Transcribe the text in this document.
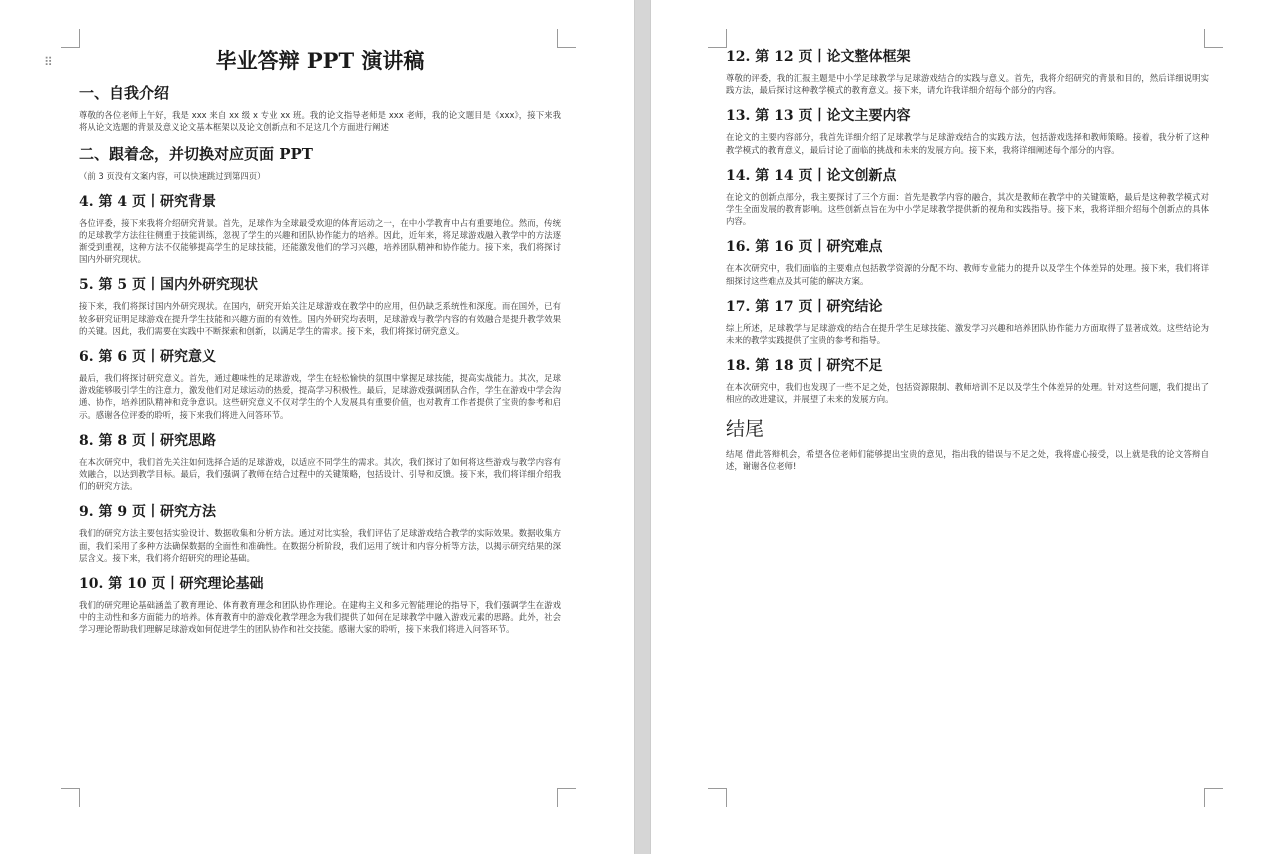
⠿	毕业答辩 PPT 演讲稿
一、自我介绍
尊敬的各位老师上午好，我是 xxx 来自 xx 级 x 专业 xx 班。我的论文指导老师是 xxx 老师，我的论文题目是《xxx》，接下来我将从论文选题的背景及意义论文基本框架以及论文创新点和不足这几个方面进行阐述
二、跟着念，并切换对应页面 PPT
（前 3 页没有文案内容，可以快速跳过到第四页）
4. 第 4 页丨研究背景
各位评委，接下来我将介绍研究背景。首先，足球作为全球最受欢迎的体育运动之一，在中小学教育中占有重要地位。然而，传统的足球教学方法往往侧重于技能训练，忽视了学生的兴趣和团队协作能力的培养。因此，近年来，将足球游戏融入教学中的方法逐渐受到重视，这种方法不仅能够提高学生的足球技能，还能激发他们的学习兴趣，培养团队精神和协作能力。接下来，我们将探讨国内外研究现状。
5. 第 5 页丨国内外研究现状
接下来，我们将探讨国内外研究现状。在国内，研究开始关注足球游戏在教学中的应用，但仍缺乏系统性和深度。而在国外，已有较多研究证明足球游戏在提升学生技能和兴趣方面的有效性。国内外研究均表明，足球游戏与教学内容的有效融合是提升教学效果的关键。因此，我们需要在实践中不断探索和创新，以满足学生的需求。接下来，我们将探讨研究意义。
6. 第 6 页丨研究意义
最后，我们将探讨研究意义。首先，通过趣味性的足球游戏，学生在轻松愉快的氛围中掌握足球技能，提高实战能力。其次，足球游戏能够吸引学生的注意力，激发他们对足球运动的热爱，提高学习积极性。最后，足球游戏强调团队合作，学生在游戏中学会沟通、协作，培养团队精神和竞争意识。这些研究意义不仅对学生的个人发展具有重要价值，也对教育工作者提供了宝贵的参考和启示。感谢各位评委的聆听，接下来我们将进入问答环节。
8. 第 8 页丨研究思路
在本次研究中，我们首先关注如何选择合适的足球游戏，以适应不同学生的需求。其次，我们探讨了如何将这些游戏与教学内容有效融合，以达到教学目标。最后，我们强调了教师在结合过程中的关键策略，包括设计、引导和反馈。接下来，我们将详细介绍我们的研究方法。
9. 第 9 页丨研究方法
我们的研究方法主要包括实验设计、数据收集和分析方法。通过对比实验，我们评估了足球游戏结合教学的实际效果。数据收集方面，我们采用了多种方法确保数据的全面性和准确性。在数据分析阶段，我们运用了统计和内容分析等方法，以揭示研究结果的深层含义。接下来，我们将介绍研究的理论基础。
10. 第 10 页丨研究理论基础
我们的研究理论基础涵盖了教育理论、体育教育理念和团队协作理论。在建构主义和多元智能理论的指导下，我们强调学生在游戏中的主动性和多方面能力的培养。体育教育中的游戏化教学理念为我们提供了如何在足球教学中融入游戏元素的思路。此外，社会学习理论帮助我们理解足球游戏如何促进学生的团队协作和社交技能。感谢大家的聆听，接下来我们将进入问答环节。
12. 第 12 页丨论文整体框架
尊敬的评委，我的汇报主题是中小学足球教学与足球游戏结合的实践与意义。首先，我将介绍研究的背景和目的，然后详细说明实践方法，最后探讨这种教学模式的教育意义。接下来，请允许我详细介绍每个部分的内容。
13. 第 13 页丨论文主要内容
在论文的主要内容部分，我首先详细介绍了足球教学与足球游戏结合的实践方法，包括游戏选择和教师策略。接着，我分析了这种教学模式的教育意义，最后讨论了面临的挑战和未来的发展方向。接下来，我将详细阐述每个部分的内容。
14. 第 14 页丨论文创新点
在论文的创新点部分，我主要探讨了三个方面：首先是教学内容的融合，其次是教师在教学中的关键策略，最后是这种教学模式对学生全面发展的教育影响。这些创新点旨在为中小学足球教学提供新的视角和实践指导。接下来，我将详细介绍每个创新点的具体内容。
16. 第 16 页丨研究难点
在本次研究中，我们面临的主要难点包括教学资源的分配不均、教师专业能力的提升以及学生个体差异的处理。接下来，我们将详细探讨这些难点及其可能的解决方案。
17. 第 17 页丨研究结论
综上所述，足球教学与足球游戏的结合在提升学生足球技能、激发学习兴趣和培养团队协作能力方面取得了显著成效。这些结论为未来的教学实践提供了宝贵的参考和指导。
18. 第 18 页丨研究不足
在本次研究中，我们也发现了一些不足之处，包括资源限制、教师培训不足以及学生个体差异的处理。针对这些问题，我们提出了相应的改进建议，并展望了未来的发展方向。
结尾
结尾 借此答辩机会，希望各位老师们能够提出宝贵的意见，指出我的错误与不足之处，我将虚心接受，以上就是我的论文答辩自述，谢谢各位老师!
